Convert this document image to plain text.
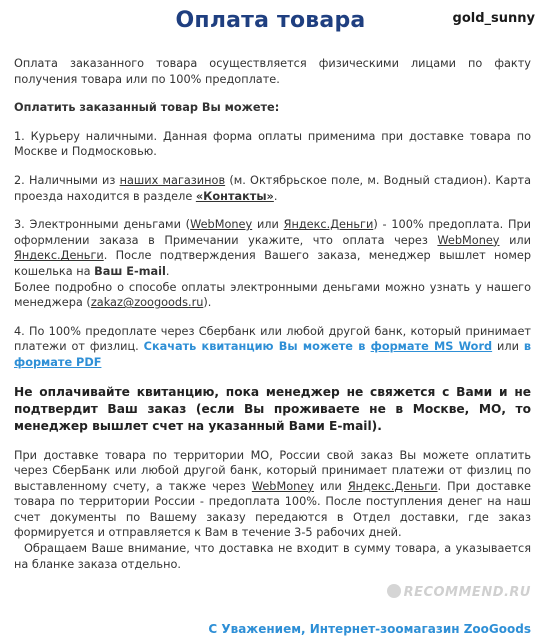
gold_sunny
Оплата товара

Оплата заказанного товара осуществляется физическими лицами по факту получения товара или по 100% предоплате.

Оплатить заказанный товар Вы можете:

1. Курьеру наличными. Данная форма оплаты применима при доставке товара по Москве и Подмосковью.

2. Наличными из наших магазинов (м. Октябрьское поле, м. Водный стадион). Карта проезда находится в разделе «Контакты».

3. Электронными деньгами (WebMoney или Яндекс.Деньги) - 100% предоплата. При оформлении заказа в Примечании укажите, что оплата через WebMoney или Яндекс.Деньги. После подтверждения Вашего заказа, менеджер вышлет номер кошелька на Ваш E-mail.

Более подробно о способе оплаты электронными деньгами можно узнать у нашего менеджера (zakaz@zoogoods.ru).

4. По 100% предоплате через Сбербанк или любой другой банк, который принимает платежи от физлиц. Скачать квитанцию Вы можете в формате MS Word или в формате PDF

Не оплачивайте квитанцию, пока менеджер не свяжется с Вами и не подтвердит Ваш заказ (если Вы проживаете не в Москве, МО, то менеджер вышлет счет на указанный Вами E-mail).

При доставке товара по территории МО, России свой заказ Вы можете оплатить через СберБанк или любой другой банк, который принимает платежи от физлиц по выставленному счету, а также через WebMoney или Яндекс.Деньги. При доставке товара по территории России - предоплата 100%. После поступления денег на наш счет документы по Вашему заказу передаются в Отдел доставки, где заказ формируется и отправляется к Вам в течение 3-5 рабочих дней.

Обращаем Ваше внимание, что доставка не входит в сумму товара, а указывается на бланке заказа отдельно.

RECOMMEND.RU
С Уважением, Интернет-зоомагазин ZooGoods
